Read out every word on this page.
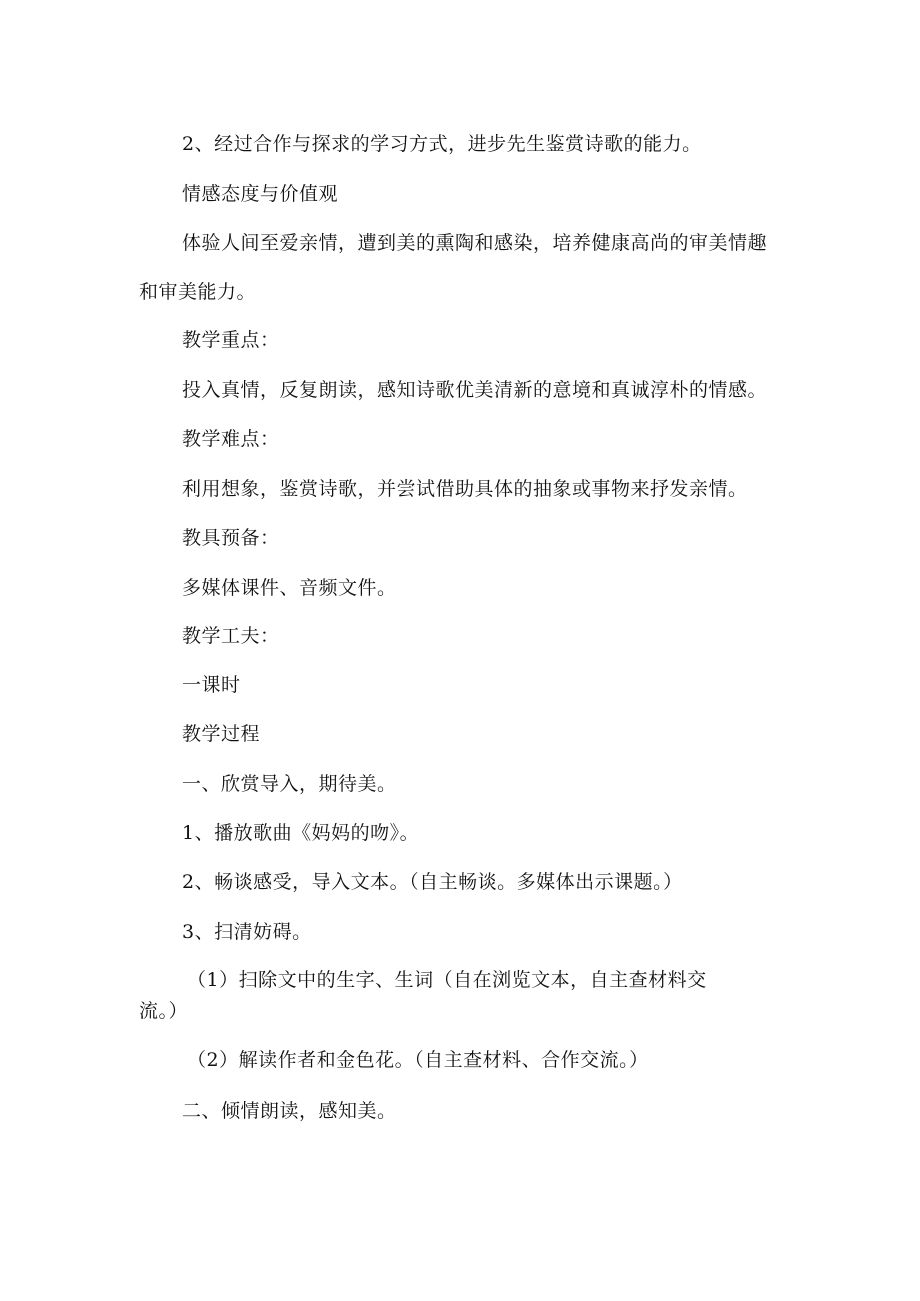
2、经过合作与探求的学习方式，进步先生鉴赏诗歌的能力。
情感态度与价值观
体验人间至爱亲情，遭到美的熏陶和感染，培养健康高尚的审美情趣
和审美能力。
教学重点：
投入真情，反复朗读，感知诗歌优美清新的意境和真诚淳朴的情感。
教学难点：
利用想象，鉴赏诗歌，并尝试借助具体的抽象或事物来抒发亲情。
教具预备：
多媒体课件、音频文件。
教学工夫：
一课时
教学过程
一、欣赏导入，期待美。
1、播放歌曲《妈妈的吻》。
2、畅谈感受，导入文本。（自主畅谈。多媒体出示课题。）
3、扫清妨碍。
（1）扫除文中的生字、生词（自在浏览文本，自主查材料交
流。）
（2）解读作者和金色花。（自主查材料、合作交流。）
二、倾情朗读，感知美。
